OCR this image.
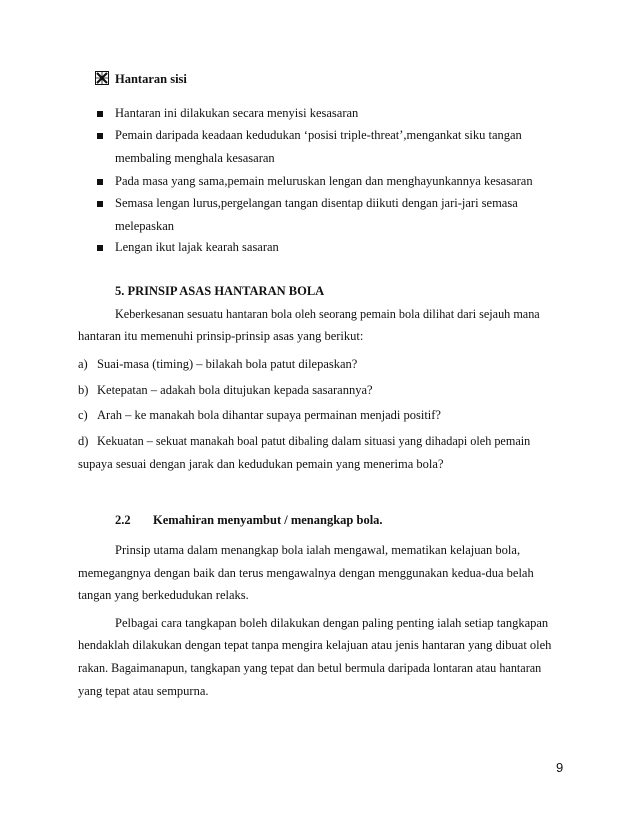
Hantaran sisi
Hantaran ini dilakukan secara menyisi kesasaran
Pemain daripada keadaan kedudukan ‘posisi triple-threat’,mengankat siku tangan
membaling menghala kesasaran
Pada masa yang sama,pemain meluruskan lengan dan menghayunkannya kesasaran
Semasa lengan lurus,pergelangan tangan disentap diikuti dengan jari-jari semasa
melepaskan
Lengan ikut lajak kearah sasaran
5. PRINSIP ASAS HANTARAN BOLA
Keberkesanan sesuatu hantaran bola oleh seorang pemain bola dilihat dari sejauh mana
hantaran itu memenuhi prinsip-prinsip asas yang berikut:
a) Suai-masa (timing) – bilakah bola patut dilepaskan?
b) Ketepatan – adakah bola ditujukan kepada sasarannya?
c) Arah – ke manakah bola dihantar supaya permainan menjadi positif?
d) Kekuatan – sekuat manakah boal patut dibaling dalam situasi yang dihadapi oleh pemain
supaya sesuai dengan jarak dan kedudukan pemain yang menerima bola?
2.2 Kemahiran menyambut / menangkap bola.
Prinsip utama dalam menangkap bola ialah mengawal, mematikan kelajuan bola,
memegangnya dengan baik dan terus mengawalnya dengan menggunakan kedua-dua belah
tangan yang berkedudukan relaks.
Pelbagai cara tangkapan boleh dilakukan dengan paling penting ialah setiap tangkapan
hendaklah dilakukan dengan tepat tanpa mengira kelajuan atau jenis hantaran yang dibuat oleh
rakan. Bagaimanapun, tangkapan yang tepat dan betul bermula daripada lontaran atau hantaran
yang tepat atau sempurna.
9
